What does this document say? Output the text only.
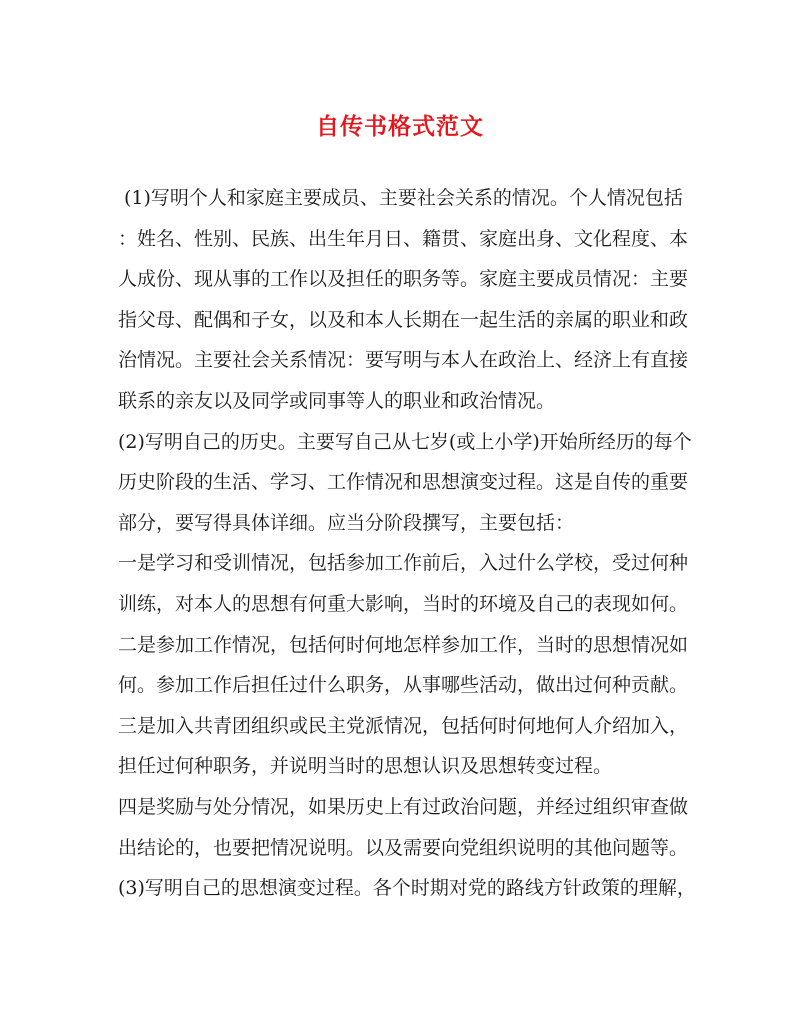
自传书格式范文
(1)写明个人和家庭主要成员、主要社会关系的情况。个人情况包括
：姓名、性别、民族、出生年月日、籍贯、家庭出身、文化程度、本
人成份、现从事的工作以及担任的职务等。家庭主要成员情况：主要
指父母、配偶和子女，以及和本人长期在一起生活的亲属的职业和政
治情况。主要社会关系情况：要写明与本人在政治上、经济上有直接
联系的亲友以及同学或同事等人的职业和政治情况。
(2)写明自己的历史。主要写自己从七岁(或上小学)开始所经历的每个
历史阶段的生活、学习、工作情况和思想演变过程。这是自传的重要
部分，要写得具体详细。应当分阶段撰写，主要包括：
一是学习和受训情况，包括参加工作前后，入过什么学校，受过何种
训练，对本人的思想有何重大影响，当时的环境及自己的表现如何。
二是参加工作情况，包括何时何地怎样参加工作，当时的思想情况如
何。参加工作后担任过什么职务，从事哪些活动，做出过何种贡献。
三是加入共青团组织或民主党派情况，包括何时何地何人介绍加入，
担任过何种职务，并说明当时的思想认识及思想转变过程。
四是奖励与处分情况，如果历史上有过政治问题，并经过组织审查做
出结论的，也要把情况说明。以及需要向党组织说明的其他问题等。
(3)写明自己的思想演变过程。各个时期对党的路线方针政策的理解，
